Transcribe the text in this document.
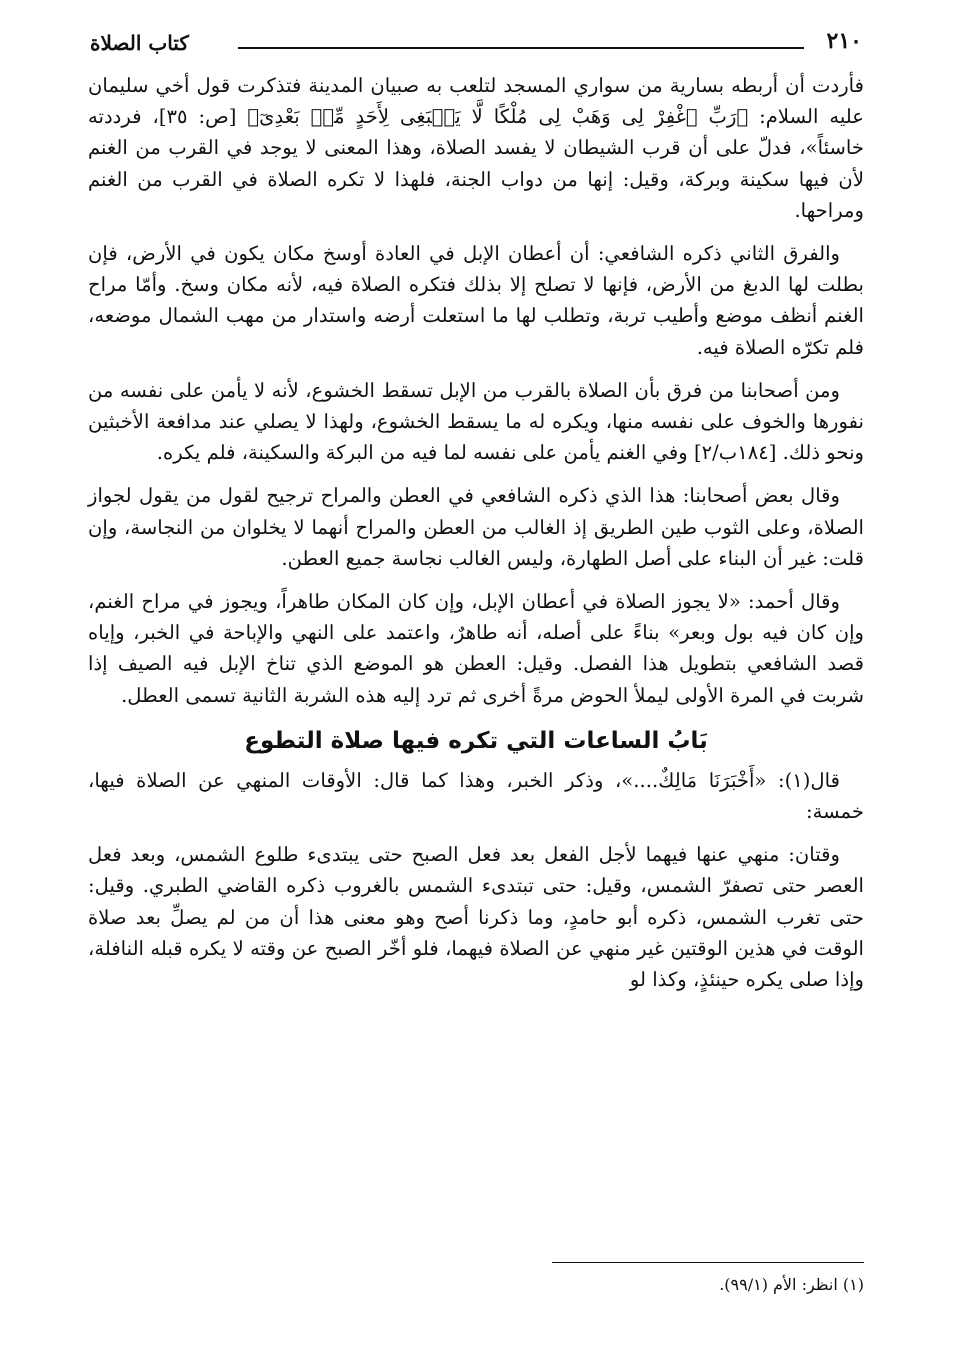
٢١٠
كتاب الصلاة

فأردت أن أربطه بسارية من سواري المسجد لتلعب به صبيان المدينة فتذكرت قول أخي سليمان عليه السلام: ﴿رَبِّ ٱغْفِرْ لِى وَهَبْ لِى مُلْكًا لَّا يَنۢبَغِى لِأَحَدٍ مِّنۢ بَعْدِىٓ﴾ [ص: ٣٥]، فرددته خاسئاً»، فدلّ على أن قرب الشيطان لا يفسد الصلاة، وهذا المعنى لا يوجد في القرب من الغنم لأن فيها سكينة وبركة، وقيل: إنها من دواب الجنة، فلهذا لا تكره الصلاة في القرب من الغنم ومراحها.

والفرق الثاني ذكره الشافعي: أن أعطان الإبل في العادة أوسخ مكان يكون في الأرض، فإن بطلت لها الدبغ من الأرض، فإنها لا تصلح إلا بذلك فتكره الصلاة فيه، لأنه مكان وسخ. وأمّا مراح الغنم أنظف موضع وأطيب تربة، وتطلب لها ما استعلت أرضه واستدار من مهب الشمال موضعه، فلم تكرّه الصلاة فيه.

ومن أصحابنا من فرق بأن الصلاة بالقرب من الإبل تسقط الخشوع، لأنه لا يأمن على نفسه من نفورها والخوف على نفسه منها، ويكره له ما يسقط الخشوع، ولهذا لا يصلي عند مدافعة الأخبثين ونحو ذلك. [١٨٤ب/٢] وفي الغنم يأمن على نفسه لما فيه من البركة والسكينة، فلم يكره.

وقال بعض أصحابنا: هذا الذي ذكره الشافعي في العطن والمراح ترجيح لقول من يقول لجواز الصلاة، وعلى الثوب طين الطريق إذ الغالب من العطن والمراح أنهما لا يخلوان من النجاسة، وإن قلت: غير أن البناء على أصل الطهارة، وليس الغالب نجاسة جميع العطن.

وقال أحمد: «لا يجوز الصلاة في أعطان الإبل، وإن كان المكان طاهراً، ويجوز في مراح الغنم، وإن كان فيه بول وبعر» بناءً على أصله، أنه طاهرٌ، واعتمد على النهي والإباحة في الخبر، وإياه قصد الشافعي بتطويل هذا الفصل. وقيل: العطن هو الموضع الذي تناخ الإبل فيه الصيف إذا شربت في المرة الأولى ليملأ الحوض مرةً أخرى ثم ترد إليه هذه الشربة الثانية تسمى العطل.

بَابُ الساعات التي تكره فيها صلاة التطوع

قال(١): «أَخْبَرَنَا مَالِكٌ....»، وذكر الخبر، وهذا كما قال: الأوقات المنهي عن الصلاة فيها، خمسة:

وقتان: منهي عنها فيهما لأجل الفعل بعد فعل الصبح حتى يبتدىء طلوع الشمس، وبعد فعل العصر حتى تصفرّ الشمس، وقيل: حتى تبتدىء الشمس بالغروب ذكره القاضي الطبري. وقيل: حتى تغرب الشمس، ذكره أبو حامدٍ، وما ذكرنا أصح وهو معنى هذا أن من لم يصلِّ بعد صلاة الوقت في هذين الوقتين غير منهي عن الصلاة فيهما، فلو أخّر الصبح عن وقته لا يكره قبله النافلة، وإذا صلى يكره حينئذٍ، وكذا لو

(١) انظر: الأم (٩٩/١).
